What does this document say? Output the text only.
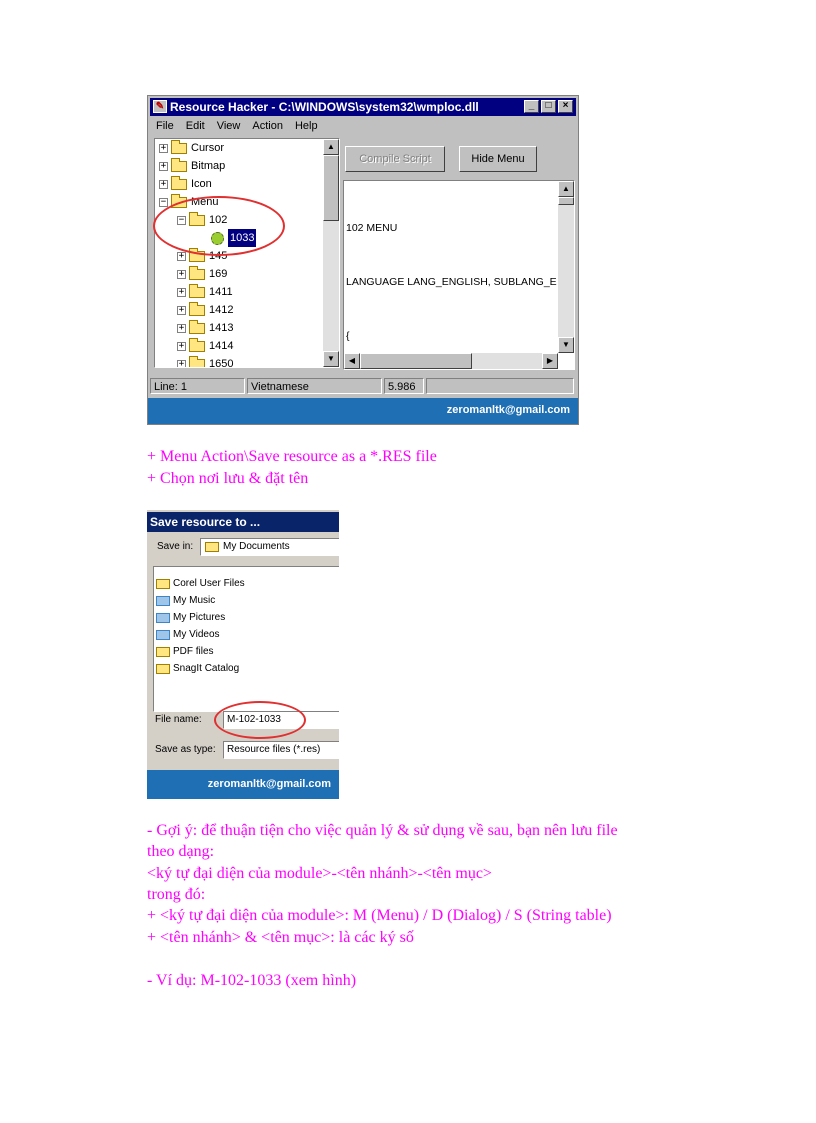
✎ Resource Hacker - C:\WINDOWS\system32\wmploc.dll	_	□	×
File	Edit	View	Action	Help
+ Cursor
+ Bitmap
+ Icon
− Menu
− 102
1033
+ 145
+ 169
+ 1411
+ 1412
+ 1413
+ 1414
+ 1650
▲
▼
Compile Script	Hide Menu

102 MENU

LANGUAGE LANG_ENGLISH, SUBLANG_E

{

▲
▼
◀	▶
Line: 1	Vietnamese	5.986
zeromanltk@gmail.com
+ Menu Action\Save resource as a *.RES file
+ Chọn nơi lưu & đặt tên
Save resource to ...
Save in:	My Documents
Corel User Files
My Music
My Pictures
My Videos
PDF files
SnagIt Catalog
File name:	M-102-1033
Save as type:	Resource files (*.res)
zeromanltk@gmail.com
- Gợi ý: để thuận tiện cho việc quản lý & sử dụng về sau, bạn nên lưu file
theo dạng:
<ký tự đại diện của module>-<tên nhánh>-<tên mục>
trong đó:
+ <ký tự đại diện của module>: M (Menu) / D (Dialog) / S (String table)
+ <tên nhánh> & <tên mục>: là các ký số
- Ví dụ: M-102-1033 (xem hình)
